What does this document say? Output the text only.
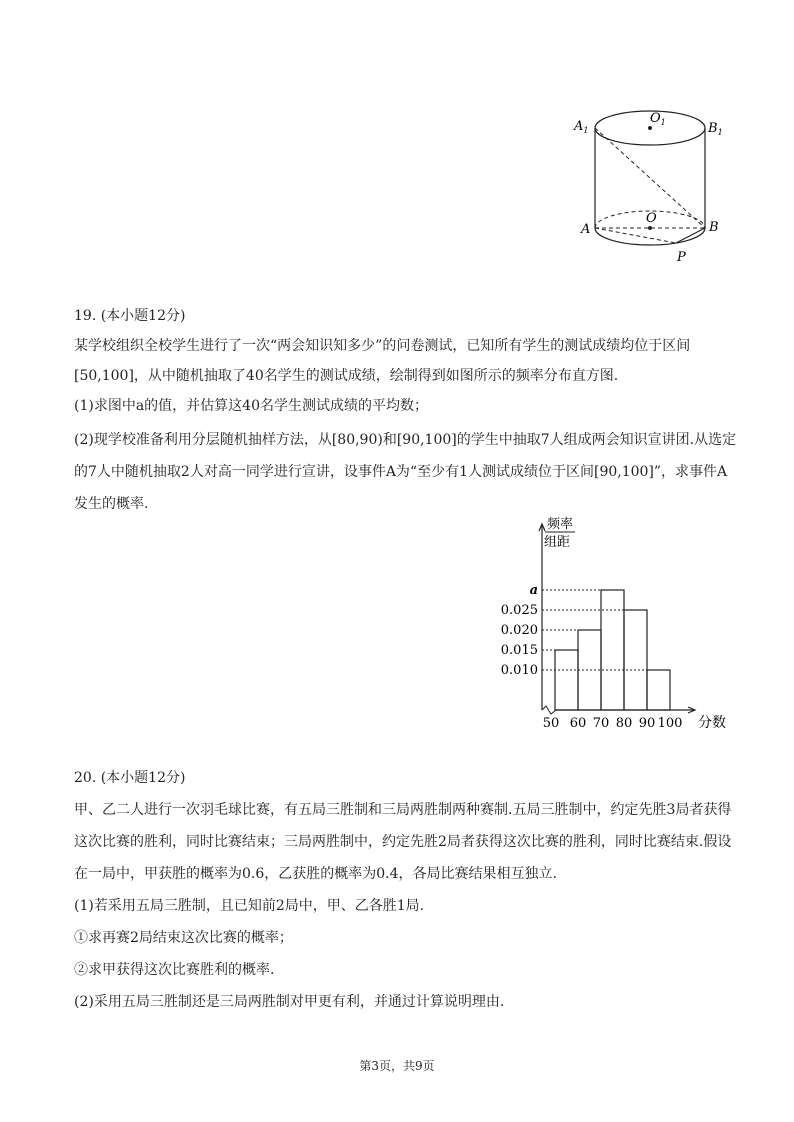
$A_1$	$B_1$
$O_1$
O
A	B
P
19. (本小题12分)
某学校组织全校学生进行了一次“两会知识知多少”的问卷测试，已知所有学生的测试成绩均位于区间
[50,100]，从中随机抽取了40名学生的测试成绩，绘制得到如图所示的频率分布直方图.
(1)求图中a的值，并估算这40名学生测试成绩的平均数；
(2)现学校准备利用分层随机抽样方法，从[80,90)和[90,100]的学生中抽取7人组成两会知识宣讲团.从选定
的7人中随机抽取2人对高一同学进行宣讲，设事件A为“至少有1人测试成绩位于区间[90,100]”，求事件A
发生的概率.
频率
组距
0.010
0.015
0.020
0.025
a
50 60 70 80 90 100 分数
20. (本小题12分)
甲、乙二人进行一次羽毛球比赛，有五局三胜制和三局两胜制两种赛制.五局三胜制中，约定先胜3局者获得
这次比赛的胜利，同时比赛结束；三局两胜制中，约定先胜2局者获得这次比赛的胜利，同时比赛结束.假设
在一局中，甲获胜的概率为0.6，乙获胜的概率为0.4，各局比赛结果相互独立.
(1)若采用五局三胜制，且已知前2局中，甲、乙各胜1局.
①求再赛2局结束这次比赛的概率；
②求甲获得这次比赛胜利的概率.
(2)采用五局三胜制还是三局两胜制对甲更有利，并通过计算说明理由.
第3页，共9页
